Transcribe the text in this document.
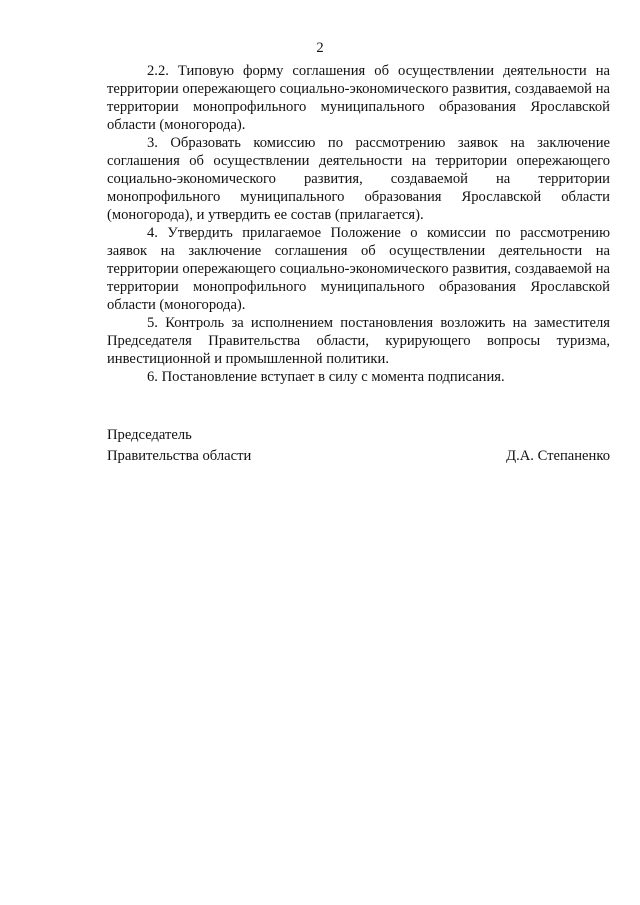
2

2.2. Типовую форму соглашения об осуществлении деятельности на территории опережающего социально-экономического развития, создаваемой на территории монопрофильного муниципального образования Ярославской области (моногорода).

3. Образовать комиссию по рассмотрению заявок на заключение соглашения об осуществлении деятельности на территории опережающего социально-экономического развития, создаваемой на территории монопрофильного муниципального образования Ярославской области (моногорода), и утвердить ее состав (прилагается).

4. Утвердить прилагаемое Положение о комиссии по рассмотрению заявок на заключение соглашения об осуществлении деятельности на территории опережающего социально-экономического развития, создаваемой на территории монопрофильного муниципального образования Ярославской области (моногорода).

5. Контроль за исполнением постановления возложить на заместителя Председателя Правительства области, курирующего вопросы туризма, инвестиционной и промышленной политики.

6. Постановление вступает в силу с момента подписания.

Председатель
Правительства области	Д.А. Степаненко
